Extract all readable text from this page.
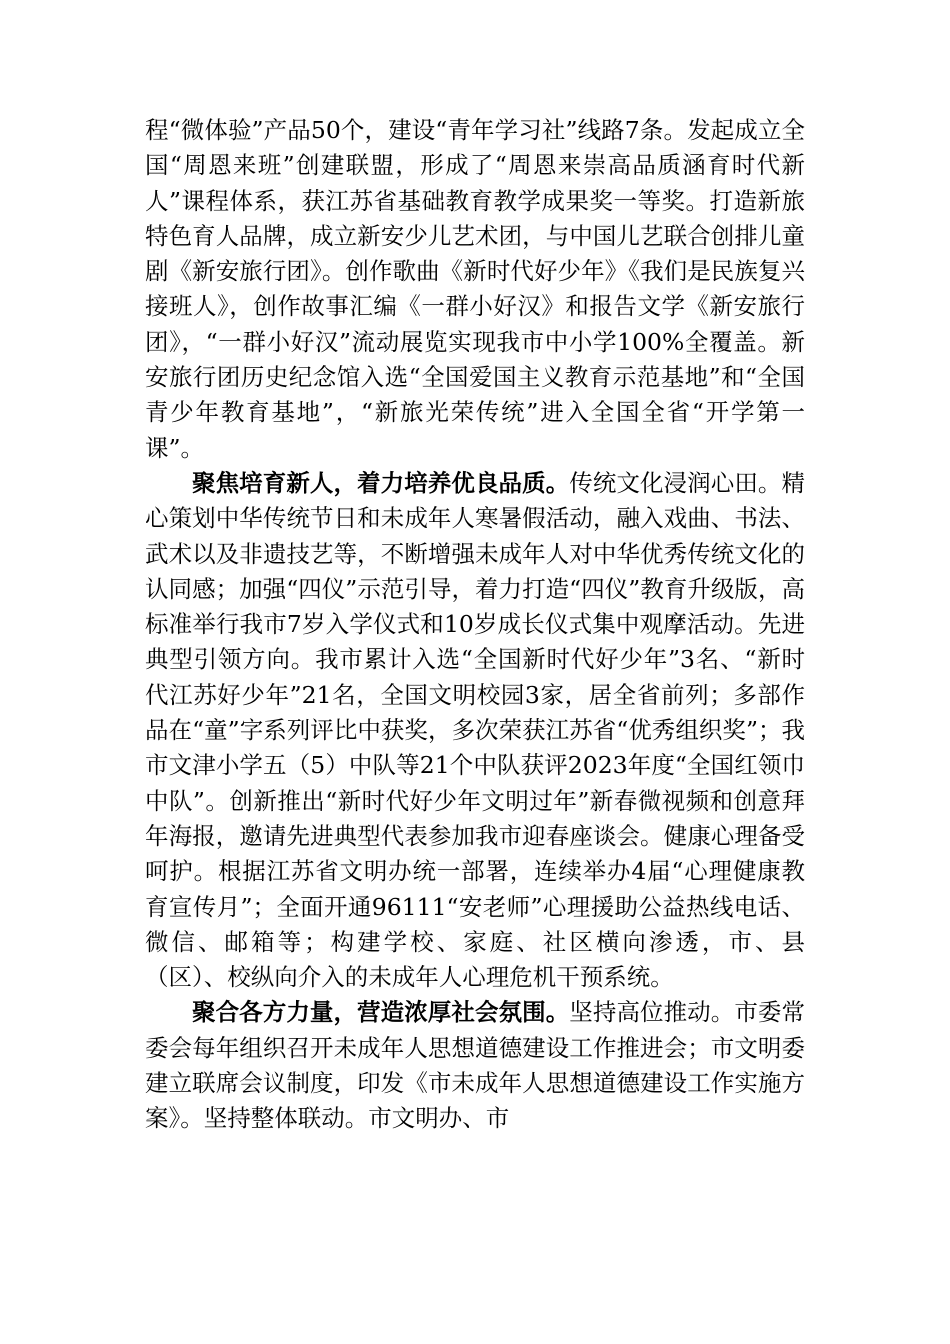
程“微体验”产品50个，建设“青年学习社”线路7条。发起成立全国“周恩来班”创建联盟，形成了“周恩来崇高品质涵育时代新人”课程体系，获江苏省基础教育教学成果奖一等奖。打造新旅特色育人品牌，成立新安少儿艺术团，与中国儿艺联合创排儿童剧《新安旅行团》。创作歌曲《新时代好少年》《我们是民族复兴接班人》，创作故事汇编《一群小好汉》和报告文学《新安旅行团》，“一群小好汉”流动展览实现我市中小学100%全覆盖。新安旅行团历史纪念馆入选“全国爱国主义教育示范基地”和“全国青少年教育基地”，“新旅光荣传统”进入全国全省“开学第一课”。

聚焦培育新人，着力培养优良品质。传统文化浸润心田。精心策划中华传统节日和未成年人寒暑假活动，融入戏曲、书法、武术以及非遗技艺等，不断增强未成年人对中华优秀传统文化的认同感；加强“四仪”示范引导，着力打造“四仪”教育升级版，高标准举行我市7岁入学仪式和10岁成长仪式集中观摩活动。先进典型引领方向。我市累计入选“全国新时代好少年”3名、“新时代江苏好少年”21名，全国文明校园3家，居全省前列；多部作品在“童”字系列评比中获奖，多次荣获江苏省“优秀组织奖”；我市文津小学五（5）中队等21个中队获评2023年度“全国红领巾中队”。创新推出“新时代好少年文明过年”新春微视频和创意拜年海报，邀请先进典型代表参加我市迎春座谈会。健康心理备受呵护。根据江苏省文明办统一部署，连续举办4届“心理健康教育宣传月”；全面开通96111“安老师”心理援助公益热线电话、微信、邮箱等；构建学校、家庭、社区横向渗透，市、县（区）、校纵向介入的未成年人心理危机干预系统。

聚合各方力量，营造浓厚社会氛围。坚持高位推动。市委常委会每年组织召开未成年人思想道德建设工作推进会；市文明委建立联席会议制度，印发《市未成年人思想道德建设工作实施方案》。坚持整体联动。市文明办、市
